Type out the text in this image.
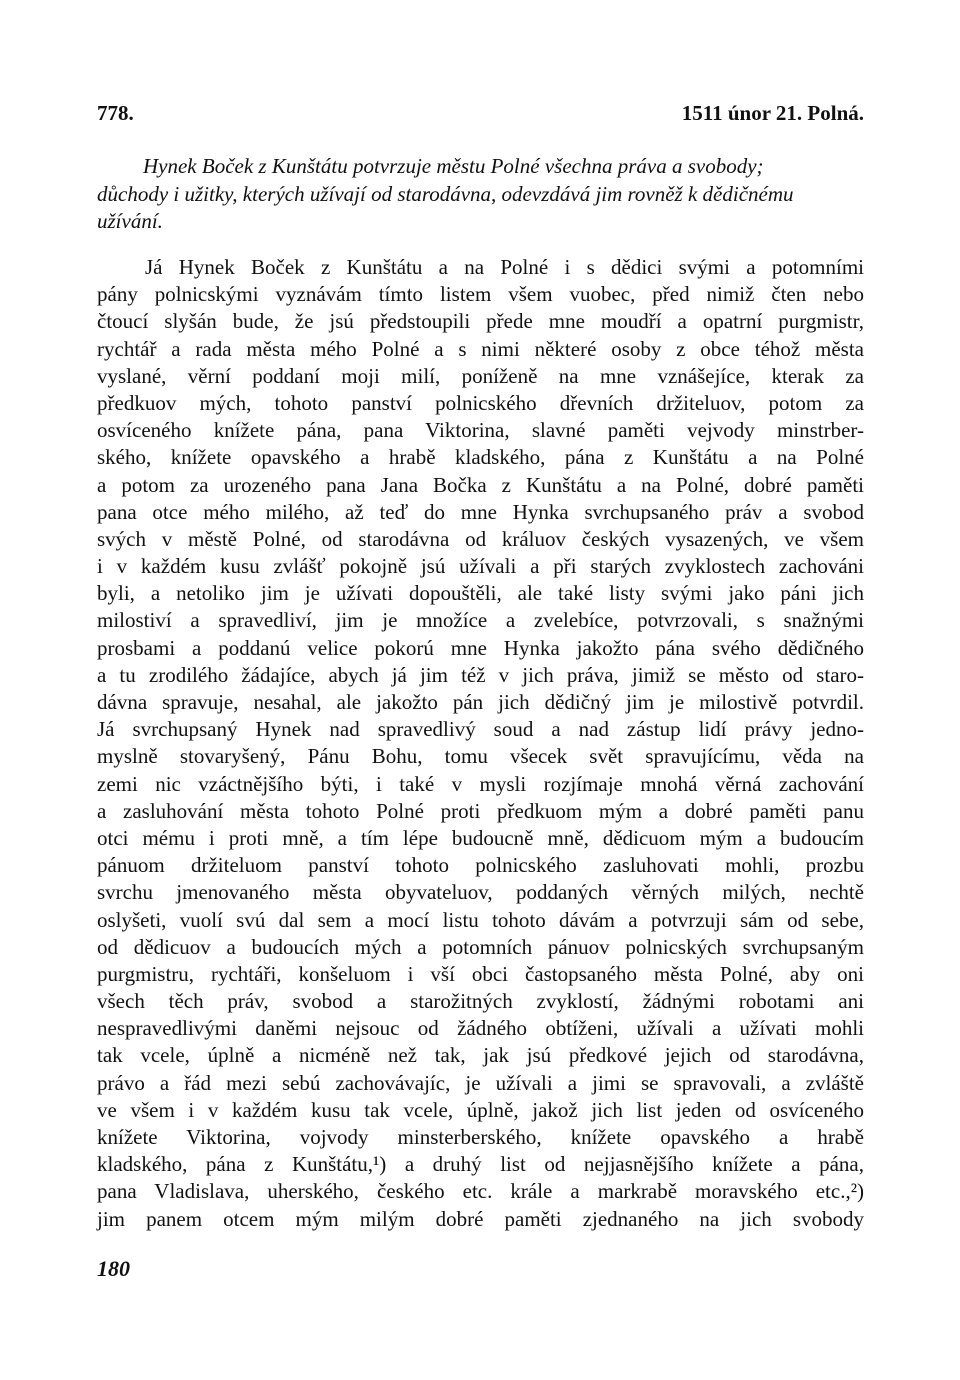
778.	1511 únor 21. Polná.
Hynek Boček z Kunštátu potvrzuje městu Polné všechna práva a svobody;
důchody i užitky, kterých užívají od starodávna, odevzdává jim rovněž k dědičnému
užívání.
Já Hynek Boček z Kunštátu a na Polné i s dědici svými a potomními
pány polnicskými vyznávám tímto listem všem vuobec, před nimiž čten nebo
čtoucí slyšán bude, že jsú předstoupili přede mne moudří a opatrní purgmistr,
rychtář a rada města mého Polné a s nimi některé osoby z obce téhož města
vyslané, věrní poddaní moji milí, poníženě na mne vznášejíce, kterak za
předkuov mých, tohoto panství polnicského dřevních držiteluov, potom za
osvíceného knížete pána, pana Viktorina, slavné paměti vejvody minstrber-
ského, knížete opavského a hrabě kladského, pána z Kunštátu a na Polné
a potom za urozeného pana Jana Bočka z Kunštátu a na Polné, dobré paměti
pana otce mého milého, až teď do mne Hynka svrchupsaného práv a svobod
svých v městě Polné, od starodávna od králuov českých vysazených, ve všem
i v každém kusu zvlášť pokojně jsú užívali a při starých zvyklostech zachováni
byli, a netoliko jim je užívati dopouštěli, ale také listy svými jako páni jich
milostiví a spravedliví, jim je množíce a zvelebíce, potvrzovali, s snažnými
prosbami a poddanú velice pokorú mne Hynka jakožto pána svého dědičného
a tu zrodilého žádajíce, abych já jim též v jich práva, jimiž se město od staro-
dávna spravuje, nesahal, ale jakožto pán jich dědičný jim je milostivě potvrdil.
Já svrchupsaný Hynek nad spravedlivý soud a nad zástup lidí právy jedno-
myslně stovaryšený, Pánu Bohu, tomu všecek svět spravujícímu, věda na
zemi nic vzáctnějšího býti, i také v mysli rozjímaje mnohá věrná zachování
a zasluhování města tohoto Polné proti předkuom mým a dobré paměti panu
otci mému i proti mně, a tím lépe budoucně mně, dědicuom mým a budoucím
pánuom držiteluom panství tohoto polnicského zasluhovati mohli, prozbu
svrchu jmenovaného města obyvateluov, poddaných věrných milých, nechtě
oslyšeti, vuolí svú dal sem a mocí listu tohoto dávám a potvrzuji sám od sebe,
od dědicuov a budoucích mých a potomních pánuov polnicských svrchupsaným
purgmistru, rychtáři, konšeluom i vší obci častopsaného města Polné, aby oni
všech těch práv, svobod a starožitných zvyklostí, žádnými robotami ani
nespravedlivými daněmi nejsouc od žádného obtíženi, užívali a užívati mohli
tak vcele, úplně a nicméně než tak, jak jsú předkové jejich od starodávna,
právo a řád mezi sebú zachovávajíc, je užívali a jimi se spravovali, a zvláště
ve všem i v každém kusu tak vcele, úplně, jakož jich list jeden od osvíceného
knížete Viktorina, vojvody minsterberského, knížete opavského a hrabě
kladského, pána z Kunštátu,¹) a druhý list od nejjasnějšího knížete a pána,
pana Vladislava, uherského, českého etc. krále a markrabě moravského etc.,²)
jim panem otcem mým milým dobré paměti zjednaného na jich svobody
180
